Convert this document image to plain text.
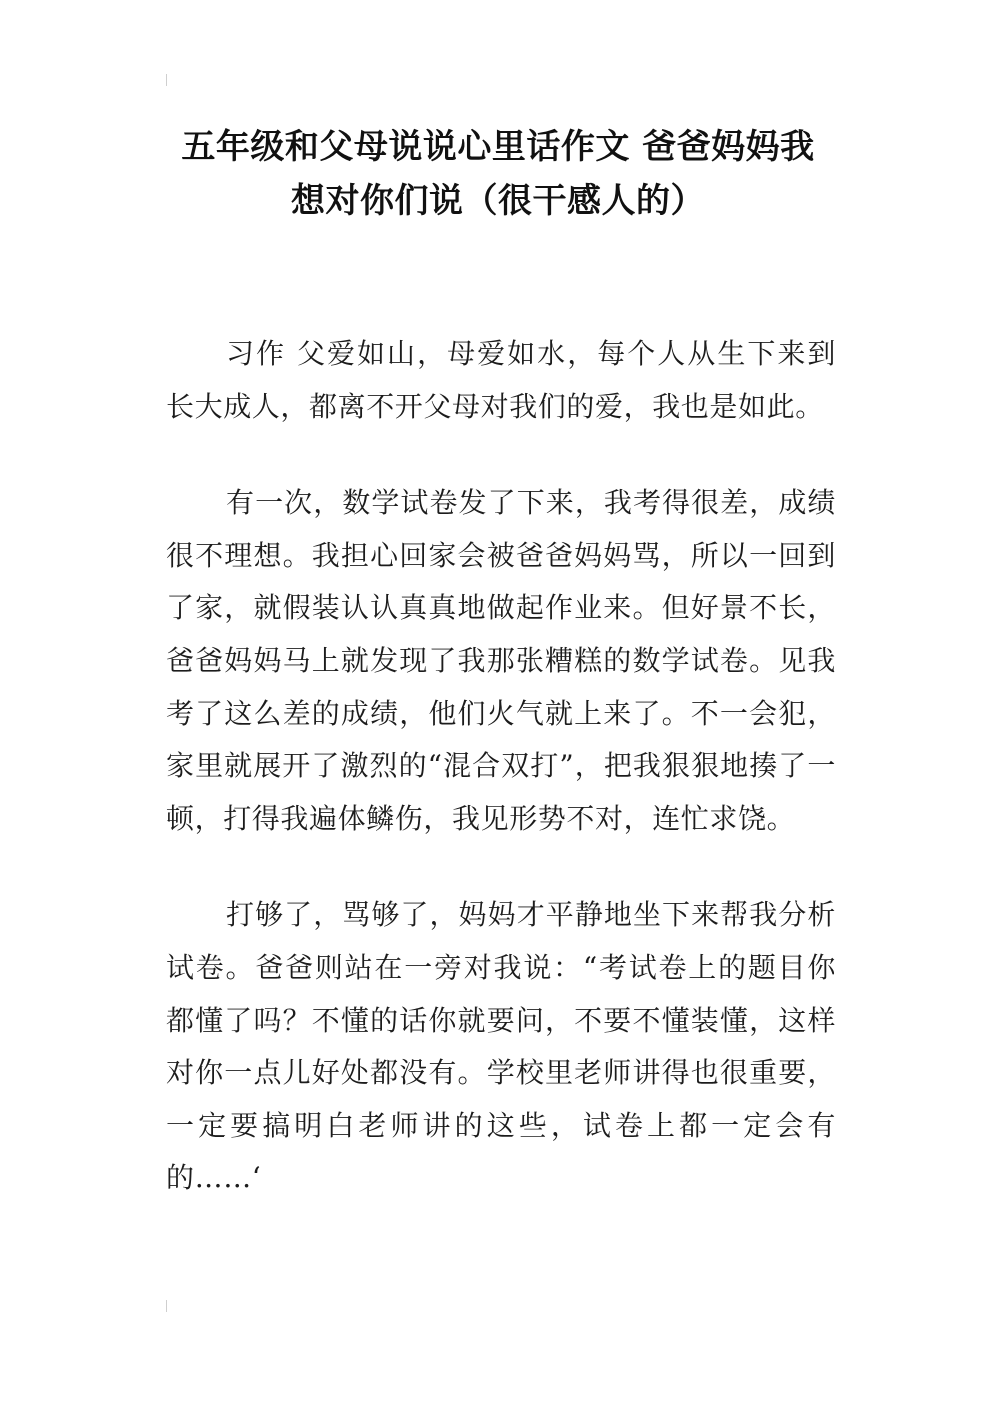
五年级和父母说说心里话作文 爸爸妈妈我想对你们说（很干感人的）

习作 父爱如山，母爱如水，每个人从生下来到长大成人，都离不开父母对我们的爱，我也是如此。

有一次，数学试卷发了下来，我考得很差，成绩很不理想。我担心回家会被爸爸妈妈骂，所以一回到了家，就假装认认真真地做起作业来。但好景不长，爸爸妈妈马上就发现了我那张糟糕的数学试卷。见我考了这么差的成绩，他们火气就上来了。不一会犯，家里就展开了激烈的“混合双打”，把我狠狠地揍了一顿，打得我遍体鳞伤，我见形势不对，连忙求饶。

打够了，骂够了，妈妈才平静地坐下来帮我分析试卷。爸爸则站在一旁对我说：“考试卷上的题目你都懂了吗？不懂的话你就要问，不要不懂装懂，这样对你一点儿好处都没有。学校里老师讲得也很重要，一定要搞明白老师讲的这些，试卷上都一定会有的……‘
